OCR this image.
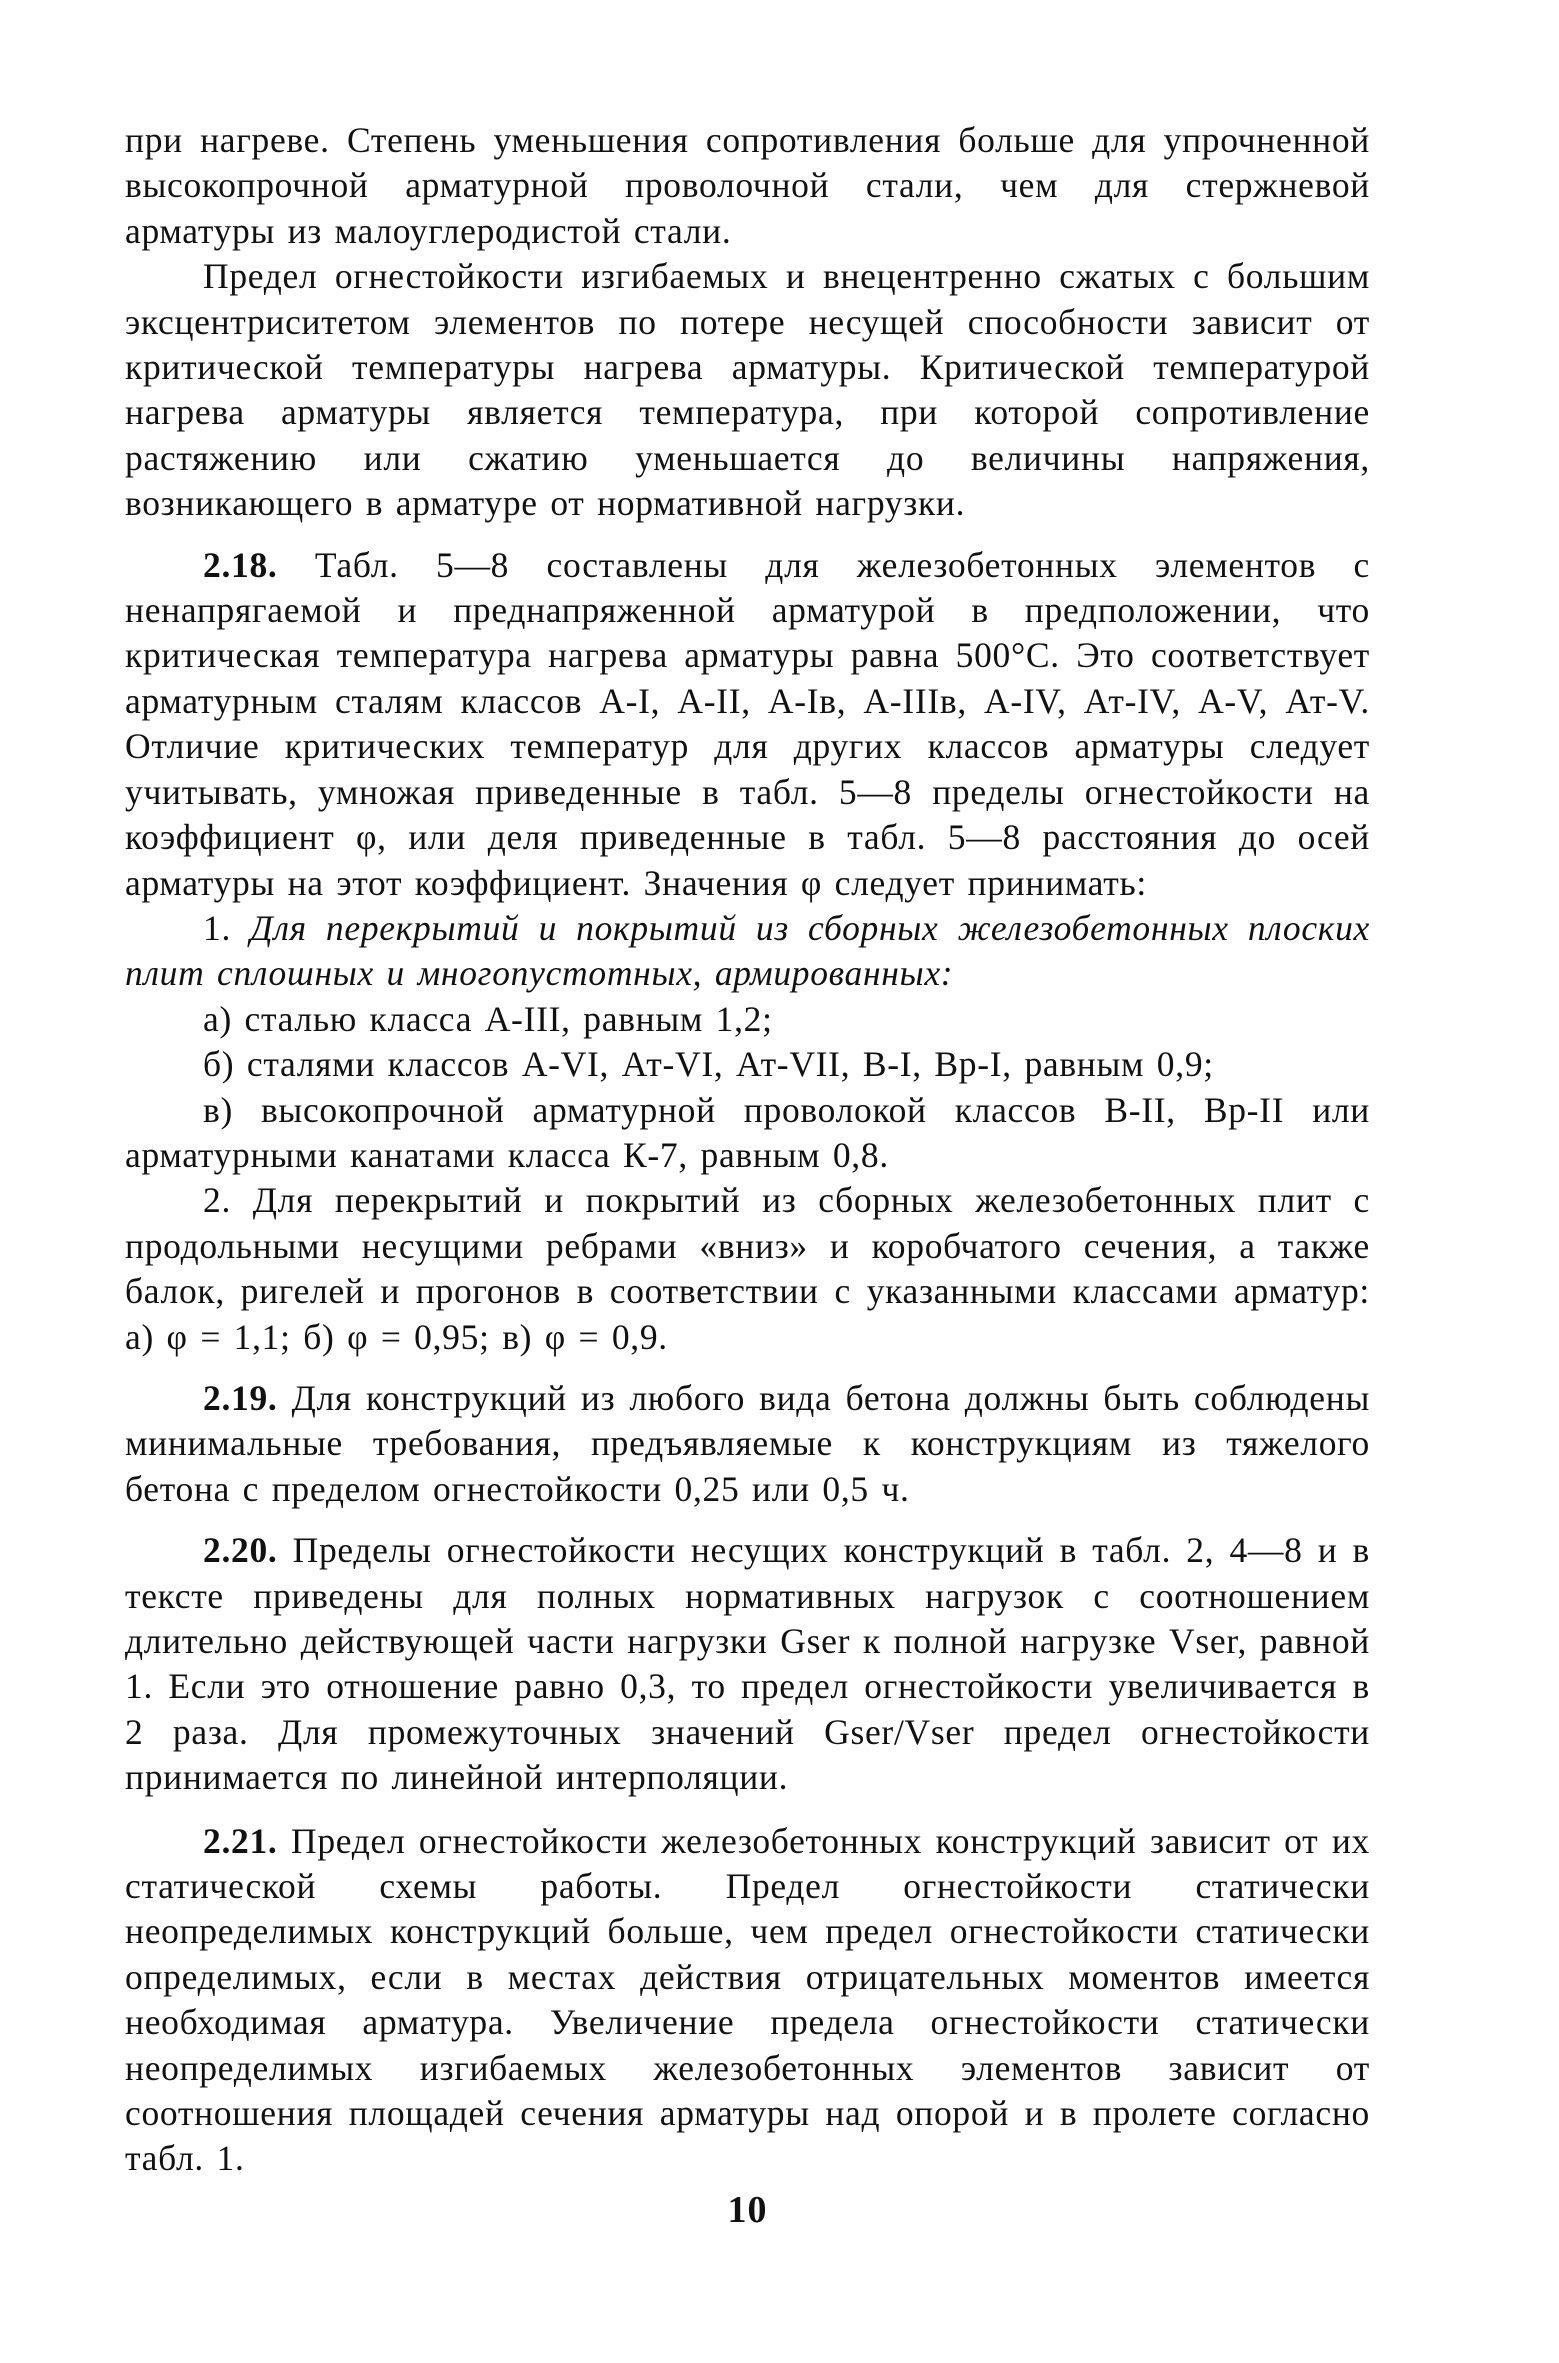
при нагреве. Степень уменьшения сопротивления больше для упрочненной высокопрочной арматурной проволочной стали, чем для стержневой арматуры из малоуглеродистой стали.

Предел огнестойкости изгибаемых и внецентренно сжатых с большим эксцентриситетом элементов по потере несущей способности зависит от критической температуры нагрева арматуры. Критической температурой нагрева арматуры является температура, при которой сопротивление растяжению или сжатию уменьшается до величины напряжения, возникающего в арматуре от нормативной нагрузки.

2.18. Табл. 5—8 составлены для железобетонных элементов с ненапрягаемой и преднапряженной арматурой в предположении, что критическая температура нагрева арматуры равна 500°С. Это соответствует арматурным сталям классов А-I, А-II, А-Iв, А-IIIв, А-IV, Ат-IV, А-V, Ат-V. Отличие критических температур для других классов арматуры следует учитывать, умножая приведенные в табл. 5—8 пределы огнестойкости на коэффициент φ, или деля приведенные в табл. 5—8 расстояния до осей арматуры на этот коэффициент. Значения φ следует принимать:

1. Для перекрытий и покрытий из сборных железобетонных плоских плит сплошных и многопустотных, армированных:

а) сталью класса А-III, равным 1,2;

б) сталями классов А-VI, Ат-VI, Ат-VII, В-I, Вр-I, равным 0,9;

в) высокопрочной арматурной проволокой классов В-II, Вр-II или арматурными канатами класса К-7, равным 0,8.

2. Для перекрытий и покрытий из сборных железобетонных плит с продольными несущими ребрами «вниз» и коробчатого сечения, а также балок, ригелей и прогонов в соответствии с указанными классами арматур: а) φ = 1,1; б) φ = 0,95; в) φ = 0,9.

2.19. Для конструкций из любого вида бетона должны быть соблюдены минимальные требования, предъявляемые к конструкциям из тяжелого бетона с пределом огнестойкости 0,25 или 0,5 ч.

2.20. Пределы огнестойкости несущих конструкций в табл. 2, 4—8 и в тексте приведены для полных нормативных нагрузок с соотношением длительно действующей части нагрузки Gser к полной нагрузке Vser, равной 1. Если это отношение равно 0,3, то предел огнестойкости увеличивается в 2 раза. Для промежуточных значений Gser/Vser предел огнестойкости принимается по линейной интерполяции.

2.21. Предел огнестойкости железобетонных конструкций зависит от их статической схемы работы. Предел огнестойкости статически неопределимых конструкций больше, чем предел огнестойкости статически определимых, если в местах действия отрицательных моментов имеется необходимая арматура. Увеличение предела огнестойкости статически неопределимых изгибаемых железобетонных элементов зависит от соотношения площадей сечения арматуры над опорой и в пролете согласно табл. 1.

10
